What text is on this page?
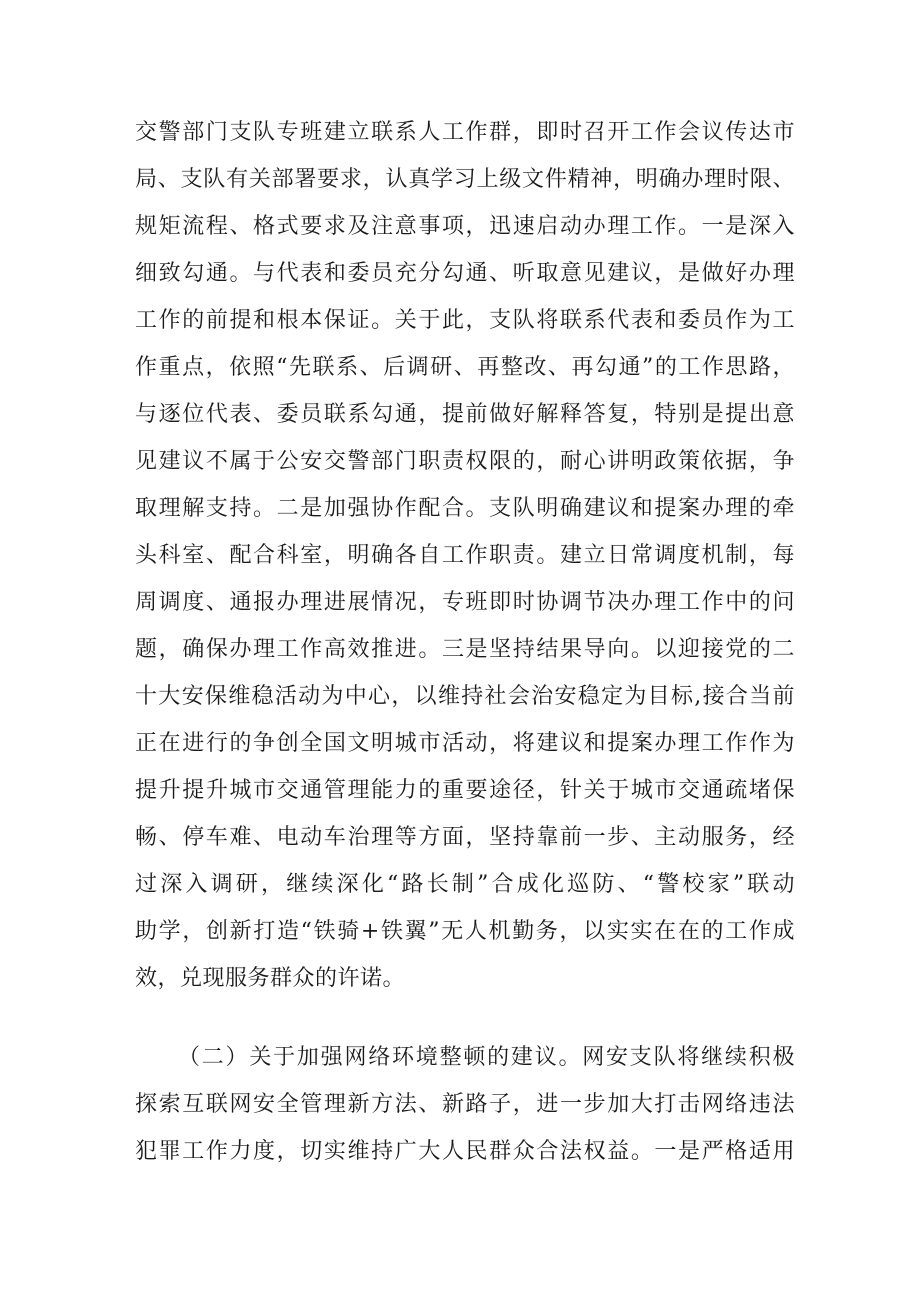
交警部门支队专班建立联系人工作群，即时召开工作会议传达市
局、支队有关部署要求，认真学习上级文件精神，明确办理时限、
规矩流程、格式要求及注意事项，迅速启动办理工作。一是深入
细致勾通。与代表和委员充分勾通、听取意见建议，是做好办理
工作的前提和根本保证。关于此，支队将联系代表和委员作为工
作重点，依照“先联系、后调研、再整改、再勾通”的工作思路，
与逐位代表、委员联系勾通，提前做好解释答复，特别是提出意
见建议不属于公安交警部门职责权限的，耐心讲明政策依据，争
取理解支持。二是加强协作配合。支队明确建议和提案办理的牵
头科室、配合科室，明确各自工作职责。建立日常调度机制，每
周调度、通报办理进展情况，专班即时协调节决办理工作中的问
题，确保办理工作高效推进。三是坚持结果导向。以迎接党的二
十大安保维稳活动为中心，以维持社会治安稳定为目标,接合当前
正在进行的争创全国文明城市活动，将建议和提案办理工作作为
提升提升城市交通管理能力的重要途径，针关于城市交通疏堵保
畅、停车难、电动车治理等方面，坚持靠前一步、主动服务，经
过深入调研，继续深化“路长制”合成化巡防、“警校家”联动
助学，创新打造“铁骑+铁翼”无人机勤务，以实实在在的工作成
效，兑现服务群众的许诺。
（二）关于加强网络环境整顿的建议。网安支队将继续积极
探索互联网安全管理新方法、新路子，进一步加大打击网络违法
犯罪工作力度，切实维持广大人民群众合法权益。一是严格适用
